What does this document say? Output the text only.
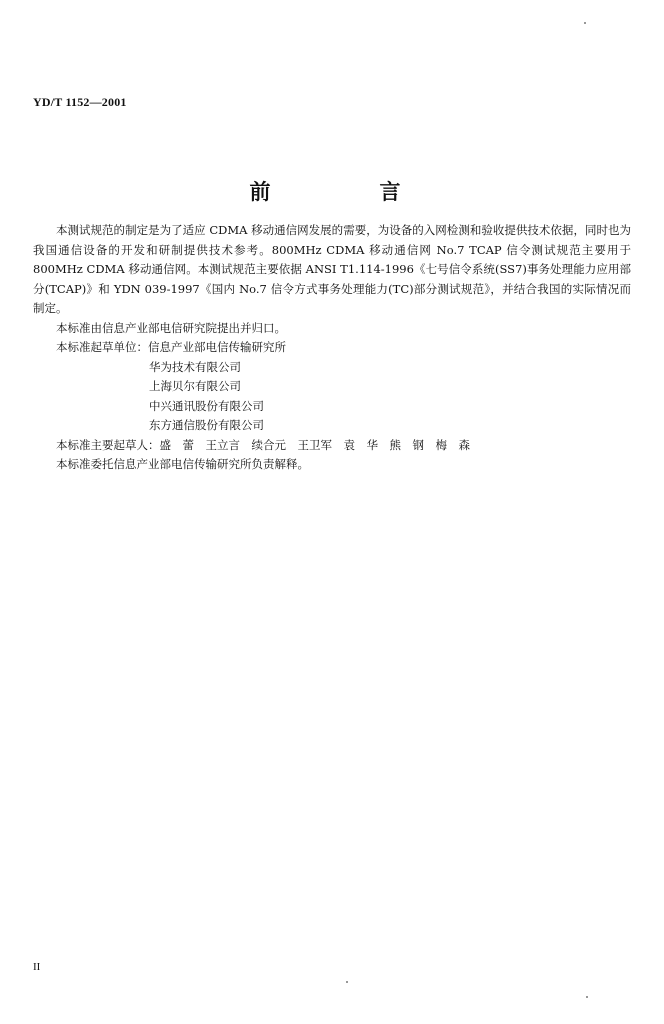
YD/T 1152—2001
前　言

本测试规范的制定是为了适应 CDMA 移动通信网发展的需要，为设备的入网检测和验收提供技术依据，同时也为我国通信设备的开发和研制提供技术参考。800MHz CDMA 移动通信网 No.7 TCAP 信令测试规范主要用于 800MHz CDMA 移动通信网。本测试规范主要依据 ANSI T1.114-1996《七号信令系统(SS7)事务处理能力应用部分(TCAP)》和 YDN 039-1997《国内 No.7 信令方式事务处理能力(TC)部分测试规范》，并结合我国的实际情况而制定。

本标准由信息产业部电信研究院提出并归口。

本标准起草单位：信息产业部电信传输研究所

华为技术有限公司

上海贝尔有限公司

中兴通讯股份有限公司

东方通信股份有限公司

本标准主要起草人：盛　蕾　王立言　续合元　王卫军　袁　华　熊　钢　梅　森

本标准委托信息产业部电信传输研究所负责解释。

II
